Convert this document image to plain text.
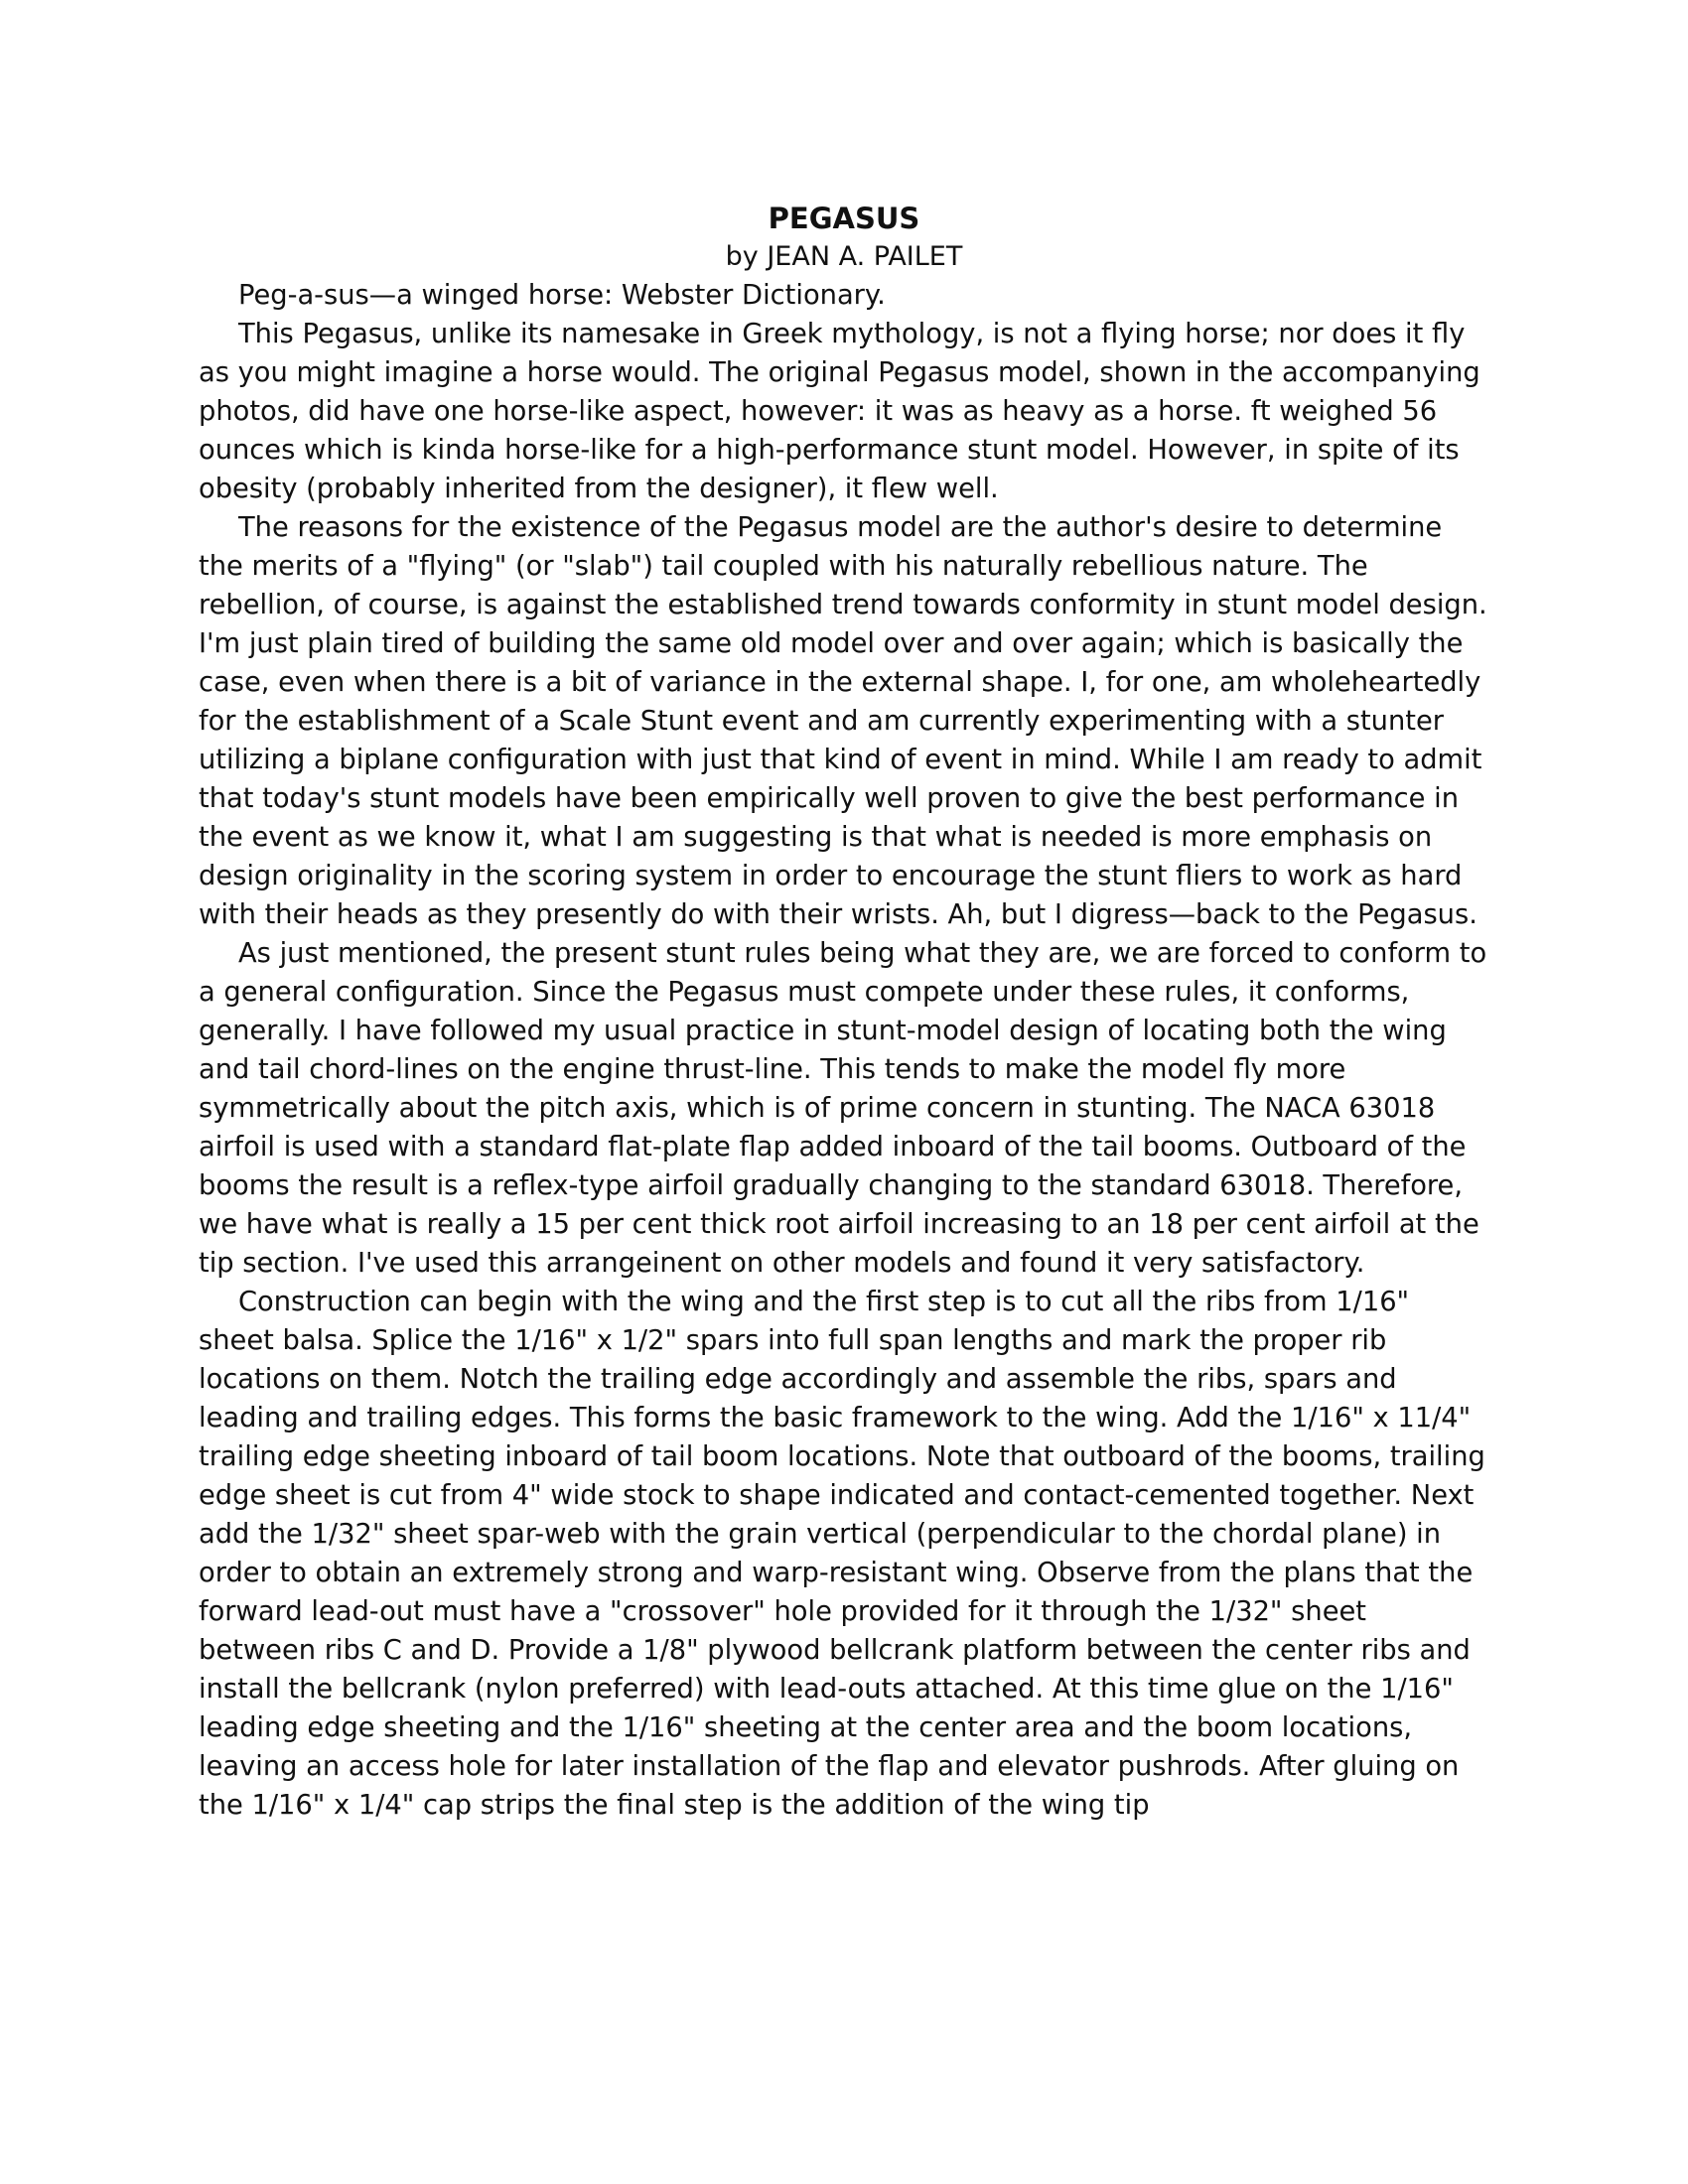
PEGASUS

by JEAN A. PAILET

Peg-a-sus—a winged horse: Webster Dictionary.

This Pegasus, unlike its namesake in Greek mythology, is not a flying horse; nor does it fly as you might imagine a horse would. The original Pegasus model, shown in the accompanying photos, did have one horse-like aspect, however: it was as heavy as a horse. ft weighed 56 ounces which is kinda horse-like for a high-performance stunt model. However, in spite of its obesity (probably inherited from the designer), it flew well.

The reasons for the existence of the Pegasus model are the author's desire to determine the merits of a "flying" (or "slab") tail coupled with his naturally rebellious nature. The rebellion, of course, is against the established trend towards conformity in stunt model design. I'm just plain tired of building the same old model over and over again; which is basically the case, even when there is a bit of variance in the external shape. I, for one, am wholeheartedly for the establishment of a Scale Stunt event and am currently experimenting with a stunter utilizing a biplane configuration with just that kind of event in mind. While I am ready to admit that today's stunt models have been empirically well proven to give the best performance in the event as we know it, what I am suggesting is that what is needed is more emphasis on design originality in the scoring system in order to encourage the stunt fliers to work as hard with their heads as they presently do with their wrists. Ah, but I digress—back to the Pegasus.

As just mentioned, the present stunt rules being what they are, we are forced to conform to a general configuration. Since the Pegasus must compete under these rules, it conforms, generally. I have followed my usual practice in stunt-model design of locating both the wing and tail chord-lines on the engine thrust-line. This tends to make the model fly more symmetrically about the pitch axis, which is of prime concern in stunting. The NACA 63018 airfoil is used with a standard flat-plate flap added inboard of the tail booms. Outboard of the booms the result is a reflex-type airfoil gradually changing to the standard 63018. Therefore, we have what is really a 15 per cent thick root airfoil increasing to an 18 per cent airfoil at the tip section. I've used this arrangeinent on other models and found it very satisfactory.

Construction can begin with the wing and the first step is to cut all the ribs from 1/16" sheet balsa. Splice the 1/16" x 1/2" spars into full span lengths and mark the proper rib locations on them. Notch the trailing edge accordingly and assemble the ribs, spars and leading and trailing edges. This forms the basic framework to the wing. Add the 1/16" x 11/4" trailing edge sheeting inboard of tail boom locations. Note that outboard of the booms, trailing edge sheet is cut from 4" wide stock to shape indicated and contact-cemented together. Next add the 1/32" sheet spar-web with the grain vertical (perpendicular to the chordal plane) in order to obtain an extremely strong and warp-resistant wing. Observe from the plans that the forward lead-out must have a "crossover" hole provided for it through the 1/32" sheet between ribs C and D. Provide a 1/8" plywood bellcrank platform between the center ribs and install the bellcrank (nylon preferred) with lead-outs attached. At this time glue on the 1/16" leading edge sheeting and the 1/16" sheeting at the center area and the boom locations, leaving an access hole for later installation of the flap and elevator pushrods. After gluing on the 1/16" x 1/4" cap strips the final step is the addition of the wing tip
